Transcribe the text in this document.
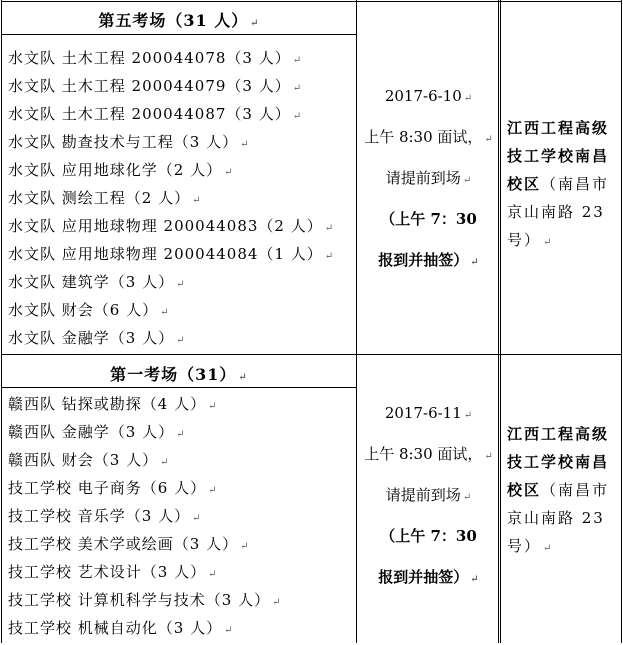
第五考场（31 人） ↵
水文队 土木工程 200044078（3 人） ↵
水文队 土木工程 200044079（3 人） ↵
水文队 土木工程 200044087（3 人） ↵
水文队 勘查技术与工程（3 人） ↵
水文队 应用地球化学（2 人） ↵
水文队 测绘工程（2 人） ↵
水文队 应用地球物理 200044083（2 人） ↵
水文队 应用地球物理 200044084（1 人） ↵
水文队 建筑学（3 人） ↵
水文队 财会（6 人） ↵
水文队 金融学（3 人） ↵
2017-6-10 ↵
上午 8:30 面试， ↵
请提前到场 ↵
（上午 7：30
报到并抽签） ↵
江西工程高级技工学校南昌校区（南昌市京山南路 23 号） ↵
第一考场（31） ↵
赣西队 钻探或勘探（4 人） ↵
赣西队 金融学（3 人） ↵
赣西队 财会（3 人） ↵
技工学校 电子商务（6 人） ↵
技工学校 音乐学（3 人） ↵
技工学校 美术学或绘画（3 人） ↵
技工学校 艺术设计（3 人） ↵
技工学校 计算机科学与技术（3 人） ↵
技工学校 机械自动化（3 人） ↵
2017-6-11 ↵
上午 8:30 面试， ↵
请提前到场 ↵
（上午 7：30
报到并抽签） ↵
江西工程高级技工学校南昌校区（南昌市京山南路 23 号） ↵
